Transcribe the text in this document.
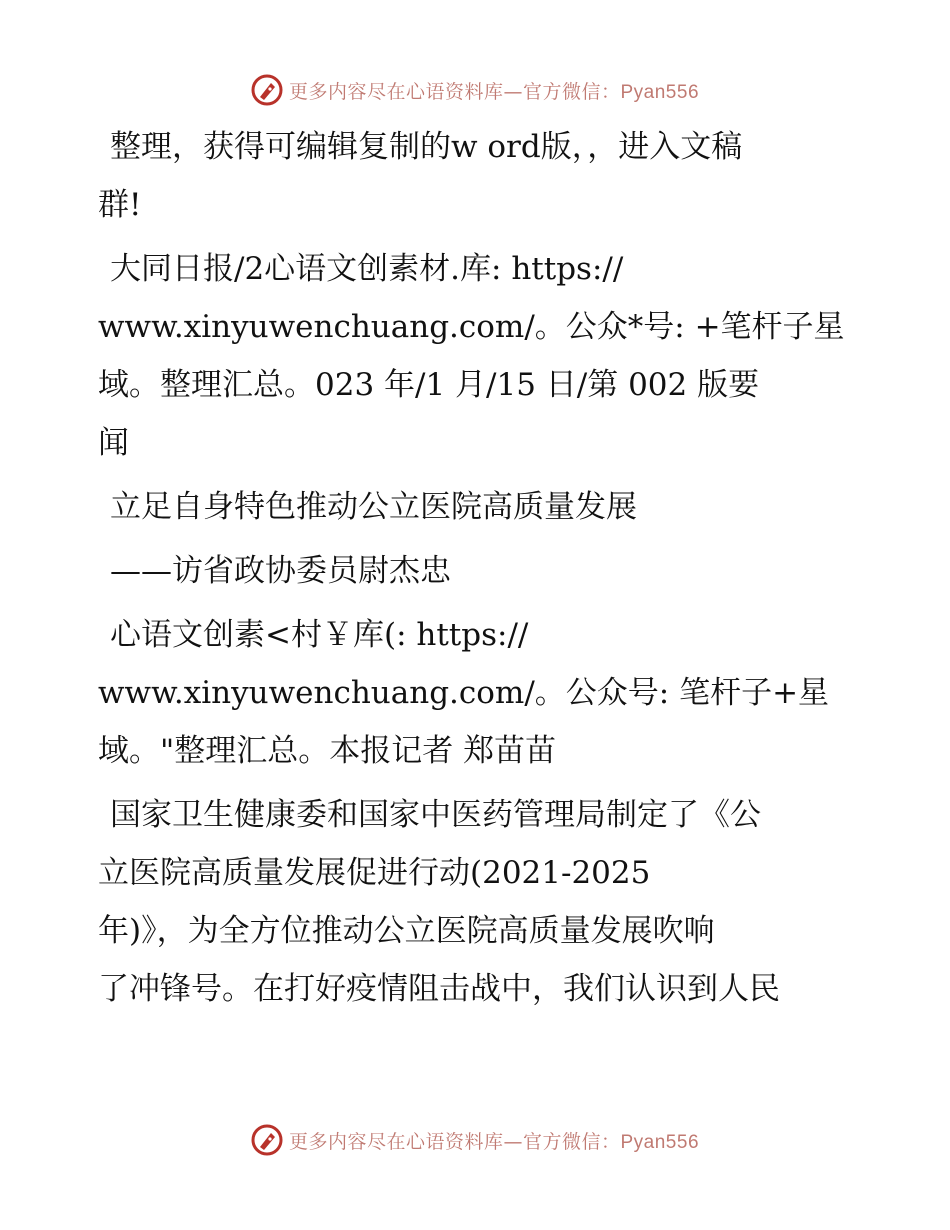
更多内容尽在心语资料库—官方微信：Pyan556

整理，获得可编辑复制的w ord版，，进入文稿
群!

大同日报/2心语文创素材.库: https://
www.xinyuwenchuang.com/。公众*号: +笔杆子星
域。整理汇总。023 年/1 月/15 日/第 002 版要
闻

立足自身特色推动公立医院高质量发展

——访省政协委员尉杰忠

心语文创素<村￥库(: https://
www.xinyuwenchuang.com/。公众号: 笔杆子+星
域。"整理汇总。本报记者 郑苗苗

国家卫生健康委和国家中医药管理局制定了《公
立医院高质量发展促进行动(2021-2025
年)》，为全方位推动公立医院高质量发展吹响
了冲锋号。在打好疫情阻击战中，我们认识到人民

更多内容尽在心语资料库—官方微信：Pyan556
